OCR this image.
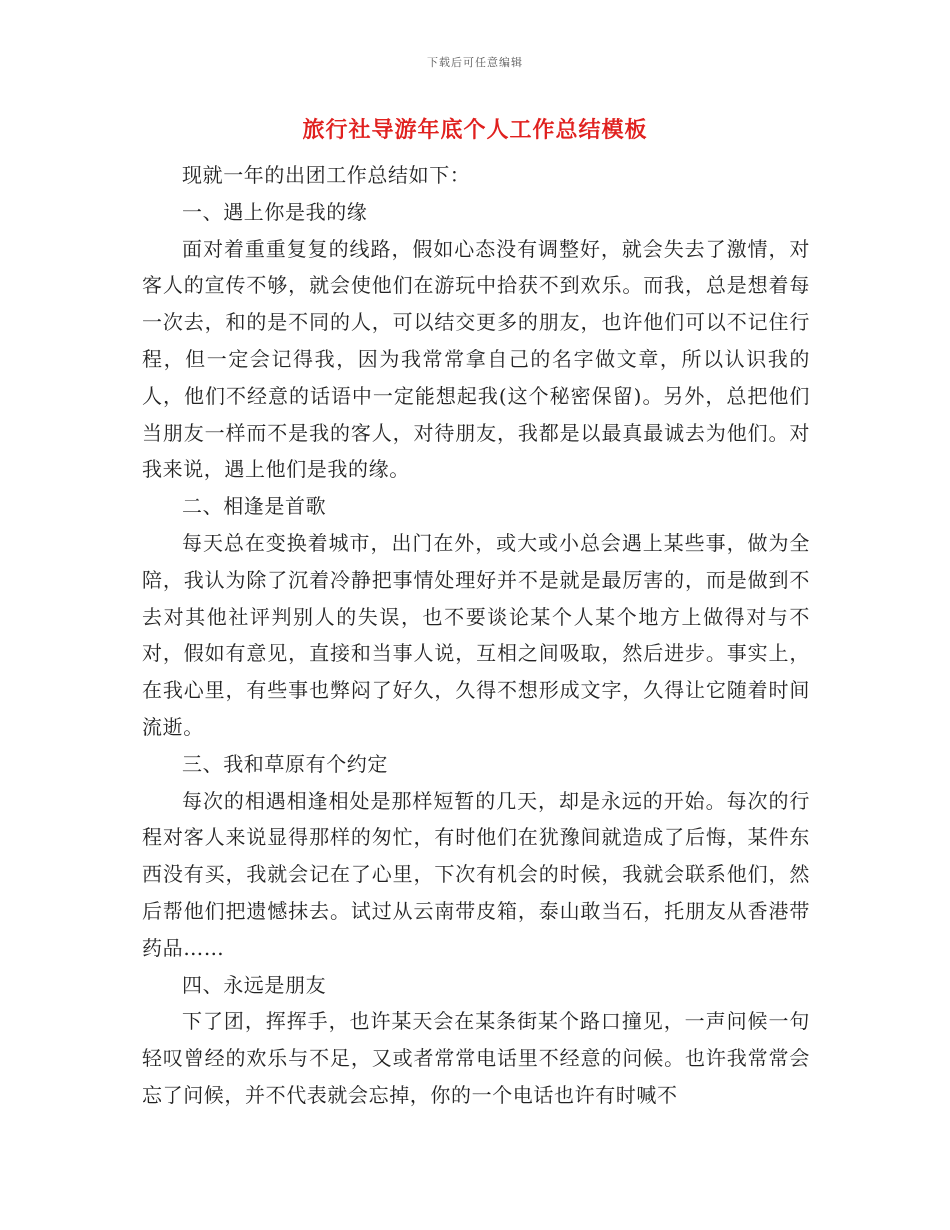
下载后可任意编辑
旅行社导游年底个人工作总结模板

现就一年的出团工作总结如下：

一、遇上你是我的缘

面对着重重复复的线路，假如心态没有调整好，就会失去了激情，对客人的宣传不够，就会使他们在游玩中拾获不到欢乐。而我，总是想着每一次去，和的是不同的人，可以结交更多的朋友，也许他们可以不记住行程，但一定会记得我，因为我常常拿自己的名字做文章，所以认识我的人，他们不经意的话语中一定能想起我(这个秘密保留)。另外，总把他们当朋友一样而不是我的客人，对待朋友，我都是以最真最诚去为他们。对我来说，遇上他们是我的缘。

二、相逢是首歌

每天总在变换着城市，出门在外，或大或小总会遇上某些事，做为全陪，我认为除了沉着冷静把事情处理好并不是就是最厉害的，而是做到不去对其他社评判别人的失误，也不要谈论某个人某个地方上做得对与不对，假如有意见，直接和当事人说，互相之间吸取，然后进步。事实上，在我心里，有些事也弊闷了好久，久得不想形成文字，久得让它随着时间流逝。

三、我和草原有个约定

每次的相遇相逢相处是那样短暂的几天，却是永远的开始。每次的行程对客人来说显得那样的匆忙，有时他们在犹豫间就造成了后悔，某件东西没有买，我就会记在了心里，下次有机会的时候，我就会联系他们，然后帮他们把遗憾抹去。试过从云南带皮箱，泰山敢当石，托朋友从香港带药品……

四、永远是朋友

下了团，挥挥手，也许某天会在某条街某个路口撞见，一声问候一句轻叹曾经的欢乐与不足，又或者常常电话里不经意的问候。也许我常常会忘了问候，并不代表就会忘掉，你的一个电话也许有时喊不
